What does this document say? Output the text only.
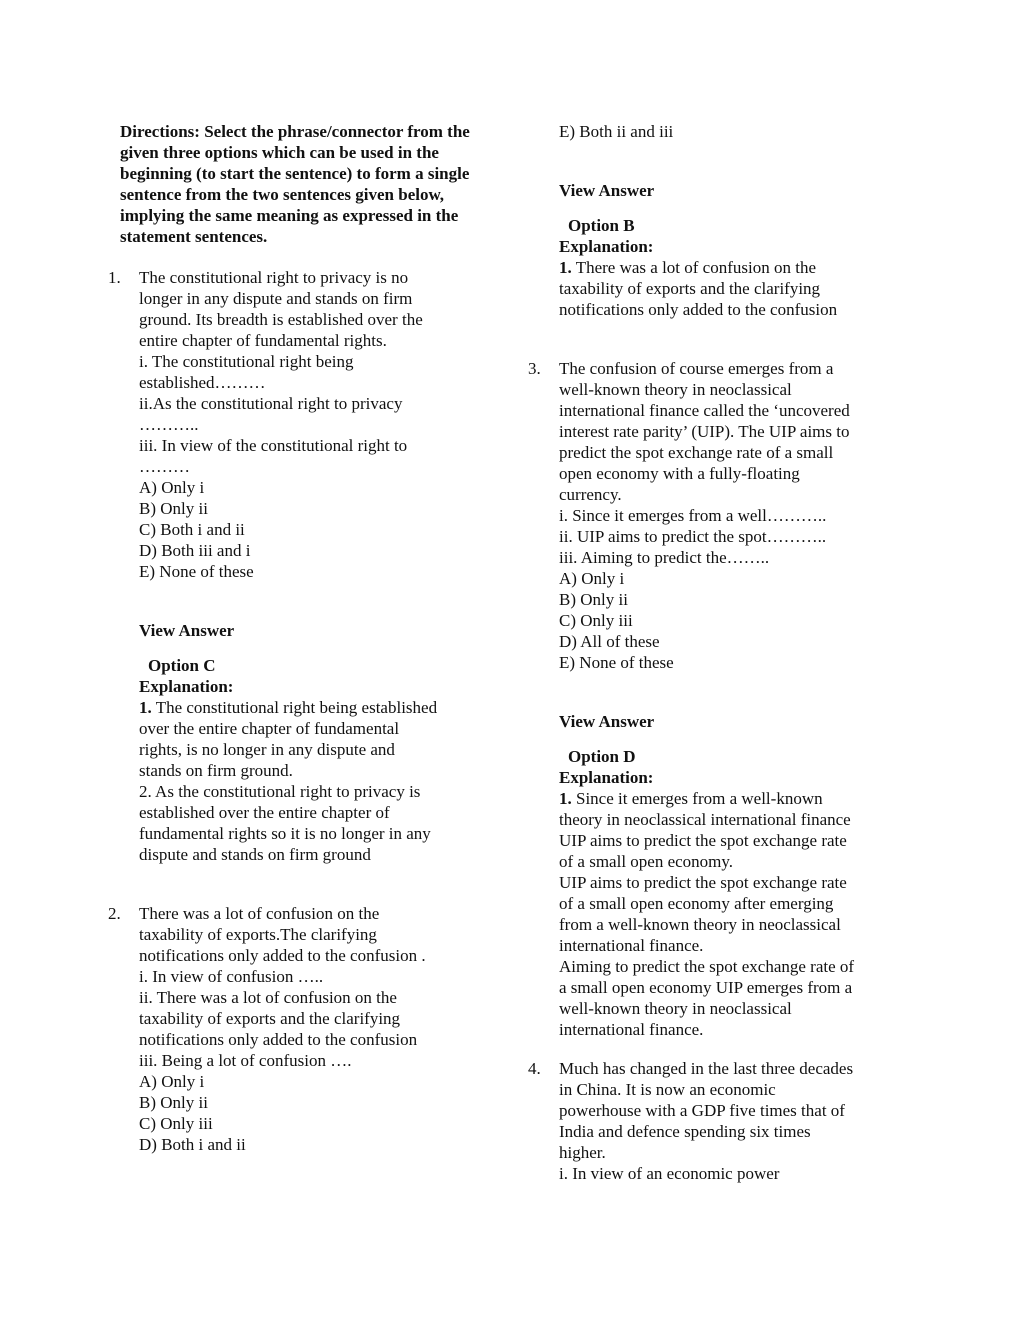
Directions: Select the phrase/connector from the given three options which can be used in the beginning (to start the sentence) to form a single sentence from the two sentences given below, implying the same meaning as expressed in the statement sentences.
1. The constitutional right to privacy is no
longer in any dispute and stands on firm
ground. Its breadth is established over the
entire chapter of fundamental rights.
i. The constitutional right being
established………
ii.As the constitutional right to privacy
………..
iii. In view of the constitutional right to
………
A) Only i
B) Only ii
C) Both i and ii
D) Both iii and i
E) None of these
View Answer
Option C
Explanation:
1. The constitutional right being established
over the entire chapter of fundamental
rights, is no longer in any dispute and
stands on firm ground.
2. As the constitutional right to privacy is
established over the entire chapter of
fundamental rights so it is no longer in any
dispute and stands on firm ground
2. There was a lot of confusion on the
taxability of exports.The clarifying
notifications only added to the confusion .
i. In view of confusion …..
ii. There was a lot of confusion on the
taxability of exports and the clarifying
notifications only added to the confusion
iii. Being a lot of confusion ….
A) Only i
B) Only ii
C) Only iii
D) Both i and ii
E) Both ii and iii
View Answer
Option B
Explanation:
1. There was a lot of confusion on the
taxability of exports and the clarifying
notifications only added to the confusion
3. The confusion of course emerges from a
well-known theory in neoclassical
international finance called the ‘uncovered
interest rate parity’ (UIP). The UIP aims to
predict the spot exchange rate of a small
open economy with a fully-floating
currency.
i. Since it emerges from a well………..
ii. UIP aims to predict the spot………..
iii. Aiming to predict the……..
A) Only i
B) Only ii
C) Only iii
D) All of these
E) None of these
View Answer
Option D
Explanation:
1. Since it emerges from a well-known
theory in neoclassical international finance
UIP aims to predict the spot exchange rate
of a small open economy.
UIP aims to predict the spot exchange rate
of a small open economy after emerging
from a well-known theory in neoclassical
international finance.
Aiming to predict the spot exchange rate of
a small open economy UIP emerges from a
well-known theory in neoclassical
international finance.
4. Much has changed in the last three decades
in China. It is now an economic
powerhouse with a GDP five times that of
India and defence spending six times
higher.
i. In view of an economic power
